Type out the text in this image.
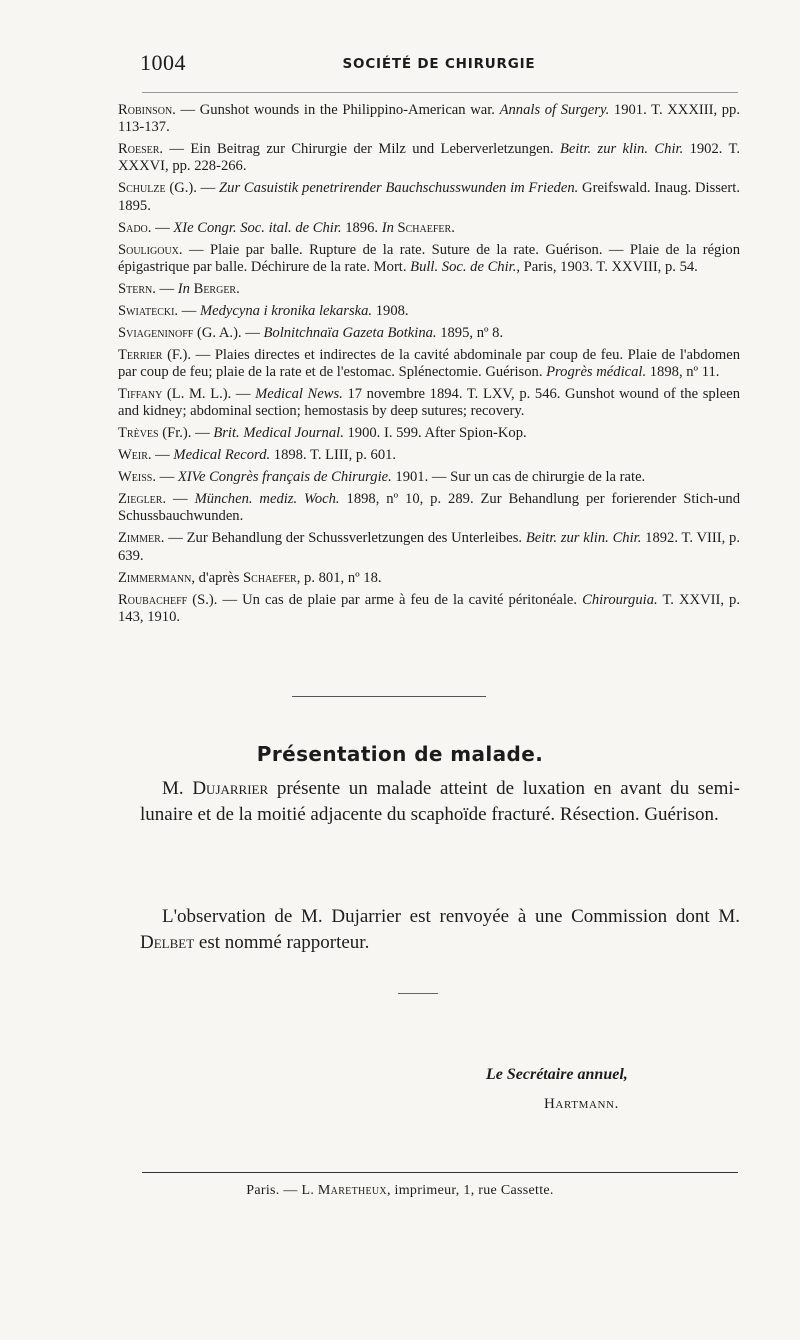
1004	SOCIÉTÉ DE CHIRURGIE

Robinson. — Gunshot wounds in the Philippino-American war. Annals of Surgery. 1901. T. XXXIII, pp. 113-137.

Roeser. — Ein Beitrag zur Chirurgie der Milz und Leberverletzungen. Beitr. zur klin. Chir. 1902. T. XXXVI, pp. 228-266.

Schulze (G.). — Zur Casuistik penetrirender Bauchschusswunden im Frieden. Greifswald. Inaug. Dissert. 1895.

Sado. — XIe Congr. Soc. ital. de Chir. 1896. In Schaefer.

Souligoux. — Plaie par balle. Rupture de la rate. Suture de la rate. Guérison. — Plaie de la région épigastrique par balle. Déchirure de la rate. Mort. Bull. Soc. de Chir., Paris, 1903. T. XXVIII, p. 54.

Stern. — In Berger.

Swiatecki. — Medycyna i kronika lekarska. 1908.

Sviageninoff (G. A.). — Bolnitchnaïa Gazeta Botkina. 1895, nº 8.

Terrier (F.). — Plaies directes et indirectes de la cavité abdominale par coup de feu. Plaie de l'abdomen par coup de feu; plaie de la rate et de l'estomac. Splénectomie. Guérison. Progrès médical. 1898, nº 11.

Tiffany (L. M. L.). — Medical News. 17 novembre 1894. T. LXV, p. 546. Gunshot wound of the spleen and kidney; abdominal section; hemostasis by deep sutures; recovery.

Trèves (Fr.). — Brit. Medical Journal. 1900. I. 599. After Spion-Kop.

Weir. — Medical Record. 1898. T. LIII, p. 601.

Weiss. — XIVe Congrès français de Chirurgie. 1901. — Sur un cas de chirurgie de la rate.

Ziegler. — München. mediz. Woch. 1898, nº 10, p. 289. Zur Behandlung per forierender Stich-und Schussbauchwunden.

Zimmer. — Zur Behandlung der Schussverletzungen des Unterleibes. Beitr. zur klin. Chir. 1892. T. VIII, p. 639.

Zimmermann, d'après Schaefer, p. 801, nº 18.

Roubacheff (S.). — Un cas de plaie par arme à feu de la cavité péritonéale. Chirourguia. T. XXVII, p. 143, 1910.

Présentation de malade.

M. Dujarrier présente un malade atteint de luxation en avant du semi-lunaire et de la moitié adjacente du scaphoïde fracturé. Résection. Guérison.

L'observation de M. Dujarrier est renvoyée à une Commission dont M. Delbet est nommé rapporteur.

Le Secrétaire annuel,
Hartmann.
Paris. — L. Maretheux, imprimeur, 1, rue Cassette.
